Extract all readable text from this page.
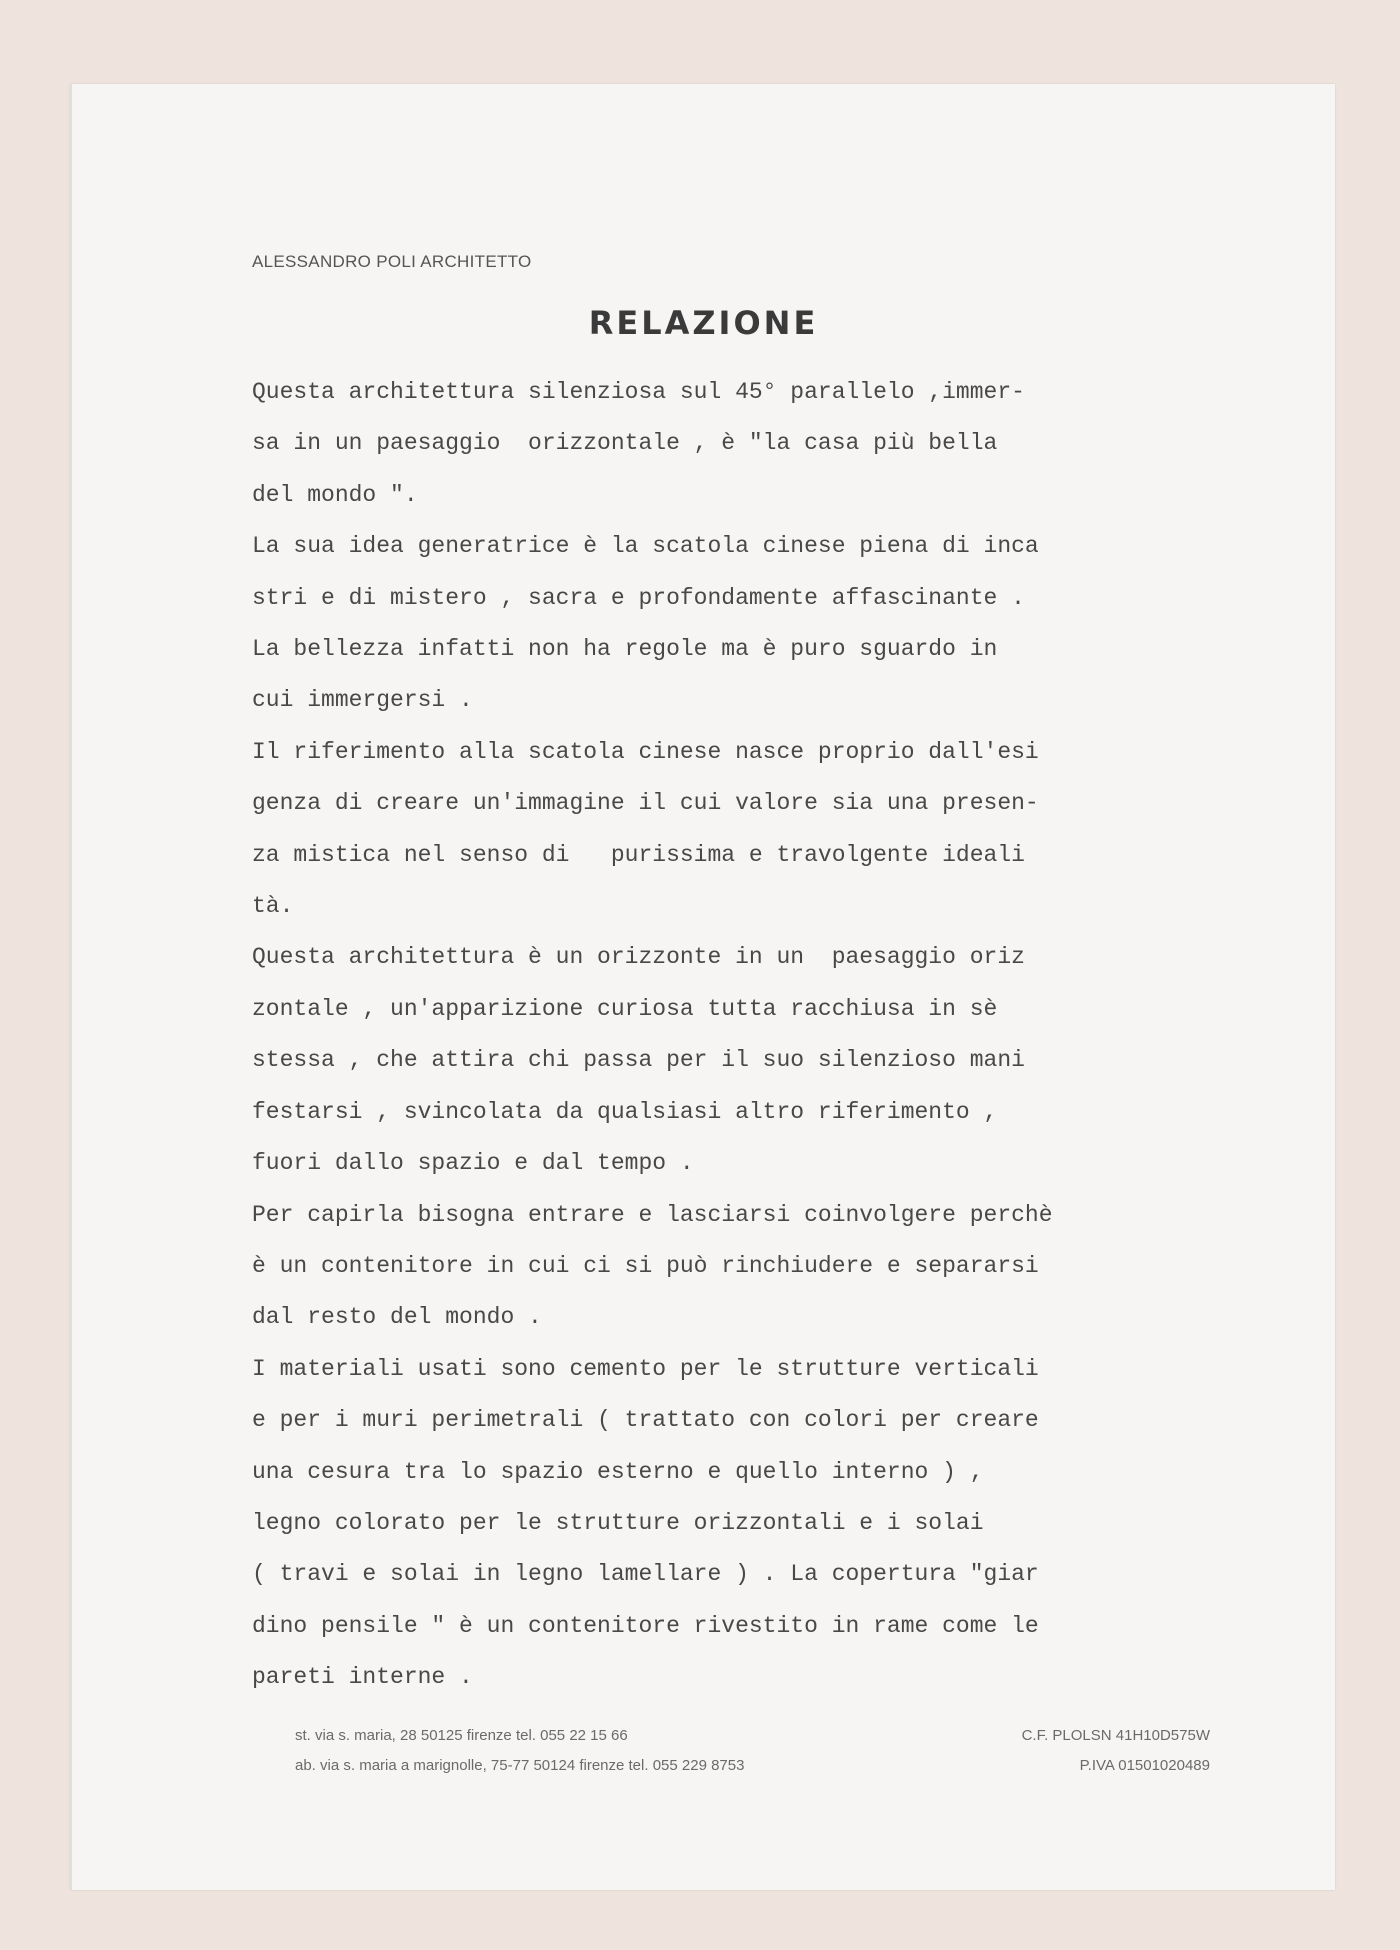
ALESSANDRO POLI ARCHITETTO
RELAZIONE
Questa architettura silenziosa sul 45° parallelo ,immer-
sa in un paesaggio  orizzontale , è "la casa più bella
del mondo ".
La sua idea generatrice è la scatola cinese piena di inca
stri e di mistero , sacra e profondamente affascinante .
La bellezza infatti non ha regole ma è puro sguardo in
cui immergersi .
Il riferimento alla scatola cinese nasce proprio dall'esi
genza di creare un'immagine il cui valore sia una presen-
za mistica nel senso di   purissima e travolgente ideali
tà.
Questa architettura è un orizzonte in un  paesaggio oriz
zontale , un'apparizione curiosa tutta racchiusa in sè
stessa , che attira chi passa per il suo silenzioso mani
festarsi , svincolata da qualsiasi altro riferimento ,
fuori dallo spazio e dal tempo .
Per capirla bisogna entrare e lasciarsi coinvolgere perchè
è un contenitore in cui ci si può rinchiudere e separarsi
dal resto del mondo .
I materiali usati sono cemento per le strutture verticali
e per i muri perimetrali ( trattato con colori per creare
una cesura tra lo spazio esterno e quello interno ) ,
legno colorato per le strutture orizzontali e i solai
( travi e solai in legno lamellare ) . La copertura "giar
dino pensile " è un contenitore rivestito in rame come le
pareti interne .
st. via s. maria, 28 50125 firenze tel. 055 22 15 66
ab. via s. maria a marignolle, 75-77 50124 firenze tel. 055 229 8753
C.F. PLOLSN 41H10D575W
P.IVA 01501020489
